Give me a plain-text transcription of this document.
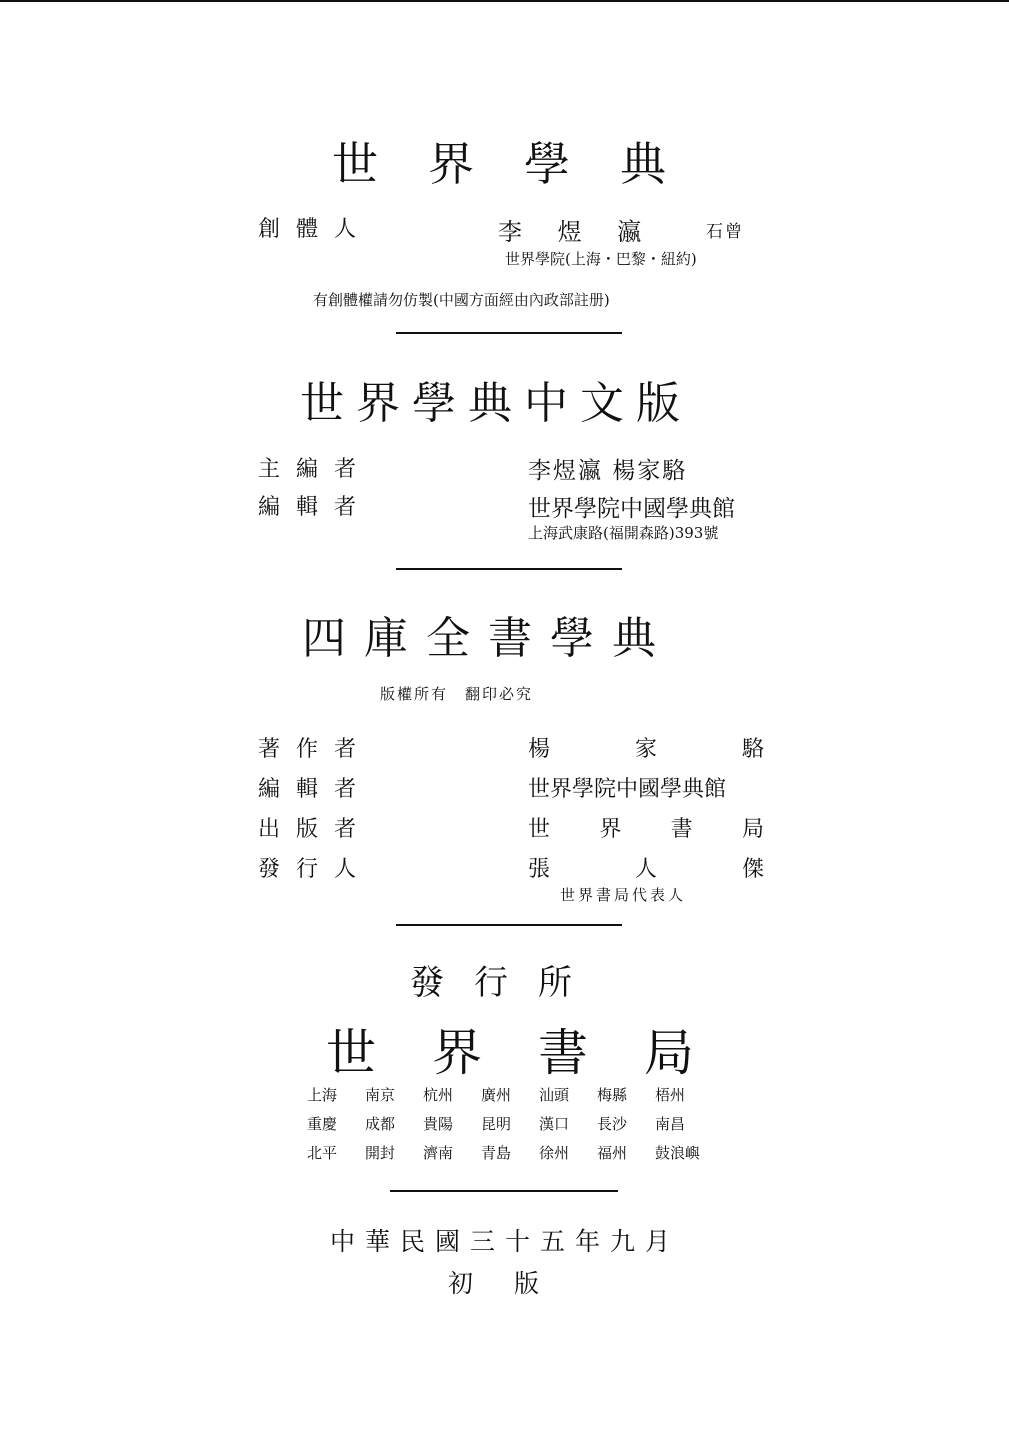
世界學典
創體人	李 煜 瀛	石曾
世界學院(上海・巴黎・紐約)
有創體權請勿仿製(中國方面經由內政部註册)
世界學典中文版
主編者	李煜瀛 楊家駱
編輯者	世界學院中國學典館
上海武康路(福開森路)393號
四庫全書學典
版權所有　翻印必究
著作者	楊 家 駱
編輯者	世界學院中國學典館
出版者	世 界 書 局
發行人	張 人 傑
世界書局代表人
發行所
世界書局
上海	南京	杭州	廣州	汕頭	梅縣	梧州
重慶	成都	貴陽	昆明	漢口	長沙	南昌
北平	開封	濟南	青島	徐州	福州	鼓浪嶼
中華民國三十五年九月
初　版
